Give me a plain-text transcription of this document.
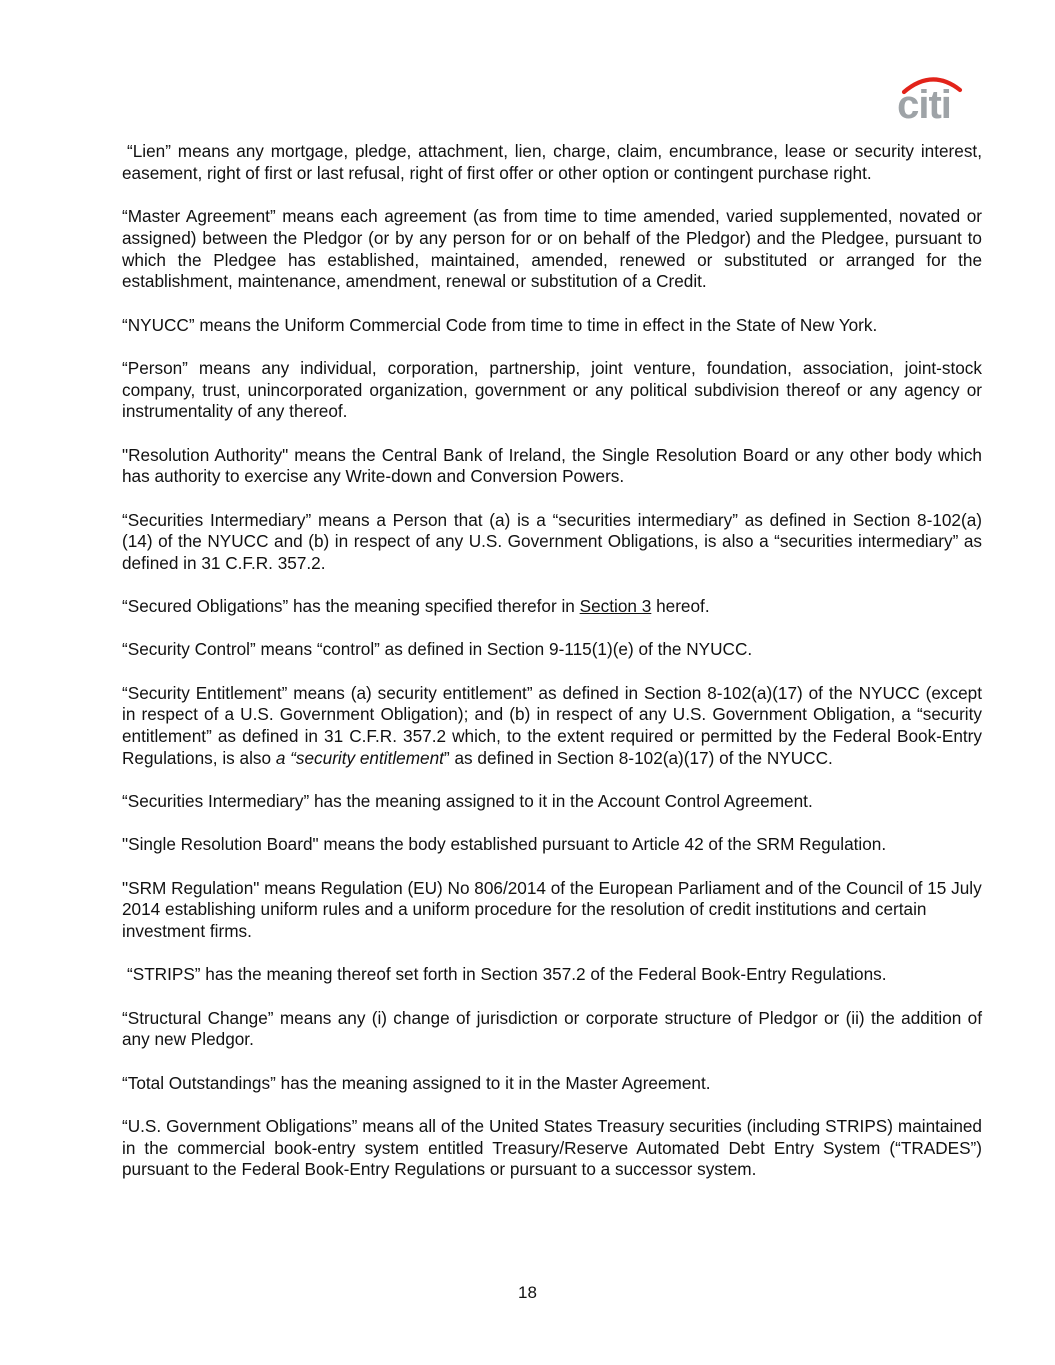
citi

“Lien” means any mortgage, pledge, attachment, lien, charge, claim, encumbrance, lease or security interest, easement, right of first or last refusal, right of first offer or other option or contingent purchase right.

“Master Agreement” means each agreement (as from time to time amended, varied supplemented, novated or assigned) between the Pledgor (or by any person for or on behalf of the Pledgor) and the Pledgee, pursuant to which the Pledgee has established, maintained, amended, renewed or substituted or arranged for the establishment, maintenance, amendment, renewal or substitution of a Credit.

“NYUCC” means the Uniform Commercial Code from time to time in effect in the State of New York.

“Person” means any individual, corporation, partnership, joint venture, foundation, association, joint-stock company, trust, unincorporated organization, government or any political subdivision thereof or any agency or instrumentality of any thereof.

"Resolution Authority" means the Central Bank of Ireland, the Single Resolution Board or any other body which has authority to exercise any Write-down and Conversion Powers.

“Securities Intermediary” means a Person that (a) is a “securities intermediary” as defined in Section 8-102(a)(14) of the NYUCC and (b) in respect of any U.S. Government Obligations, is also a “securities intermediary” as defined in 31 C.F.R. 357.2.

“Secured Obligations” has the meaning specified therefor in Section 3 hereof.

“Security Control” means “control” as defined in Section 9-115(1)(e) of the NYUCC.

“Security Entitlement” means (a) security entitlement” as defined in Section 8-102(a)(17) of the NYUCC (except in respect of a U.S. Government Obligation); and (b) in respect of any U.S. Government Obligation, a “security entitlement” as defined in 31 C.F.R. 357.2 which, to the extent required or permitted by the Federal Book-Entry Regulations, is also a “security entitlement” as defined in Section 8-102(a)(17) of the NYUCC.

“Securities Intermediary” has the meaning assigned to it in the Account Control Agreement.

"Single Resolution Board" means the body established pursuant to Article 42 of the SRM Regulation.

"SRM Regulation" means Regulation (EU) No 806/2014 of the European Parliament and of the Council of 15 July 2014 establishing uniform rules and a uniform procedure for the resolution of credit institutions and certain investment firms.

“STRIPS” has the meaning thereof set forth in Section 357.2 of the Federal Book-Entry Regulations.

“Structural Change” means any (i) change of jurisdiction or corporate structure of Pledgor or (ii) the addition of any new Pledgor.

“Total Outstandings” has the meaning assigned to it in the Master Agreement.

“U.S. Government Obligations” means all of the United States Treasury securities (including STRIPS) maintained in the commercial book-entry system entitled Treasury/Reserve Automated Debt Entry System (“TRADES”) pursuant to the Federal Book-Entry Regulations or pursuant to a successor system.

18
